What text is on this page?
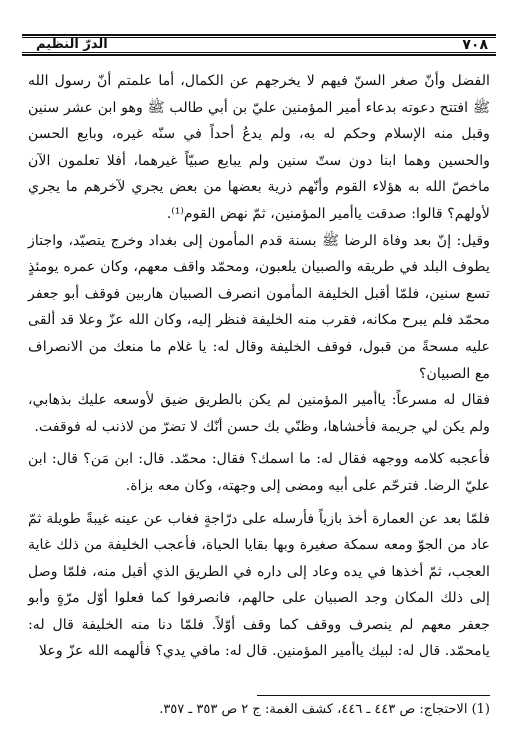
٧٠٨
الدرّ النظيم

الفضل وأنّ صغر السنّ فيهم لا يخرجهم عن الكمال، أما علمتم أنّ رسول الله ﷺ افتتح دعوته بدعاء أمير المؤمنين عليّ بن أبي طالب ﷺ وهو ابن عشر سنين وقبل منه الإسلام وحكم له به، ولم يدعُ أحداً في سنّه غيره، وبايع الحسن والحسين وهما ابنا دون ستّ سنين ولم يبايع صبيّاً غيرهما، أفلا تعلمون الآن ماخصّ الله به هؤلاء القوم وأنّهم ذرية بعضها من بعض يجري لآخرهم ما يجري لأولهم؟ قالوا: صدقت ياأمير المؤمنين، ثمّ نهض القوم⁽¹⁾.

وقيل: إنّ بعد وفاة الرضا ﷺ بسنة قدم المأمون إلى بغداد وخرج يتصيّد، واجتاز يطوف البلد في طريقه والصبيان يلعبون، ومحمّد واقف معهم، وكان عمره يومئذٍ تسع سنين، فلمّا أقبل الخليفة المأمون انصرف الصبيان هاربين فوقف أبو جعفر محمّد فلم يبرح مكانه، فقرب منه الخليفة فنظر إليه، وكان الله عزّ وعلا قد ألقى عليه مسحةً من قبول، فوقف الخليفة وقال له: يا غلام ما منعك من الانصراف مع الصبيان؟

فقال له مسرعاً: ياأمير المؤمنين لم يكن بالطريق ضيق لأوسعه عليك بذهابي، ولم يكن لي جريمة فأخشاها، وظنّي بك حسن أنّك لا تضرّ من لاذنب له فوقفت.

فأعجبه كلامه ووجهه فقال له: ما اسمك؟ فقال: محمّد. قال: ابن مَن؟ قال: ابن عليّ الرضا. فترحّم على أبيه ومضى إلى وجهته، وكان معه بزاة.

فلمّا بعد عن العمارة أخذ بازياً فأرسله على درّاجةٍ فغاب عن عينه غيبةً طويلة ثمّ عاد من الجوّ ومعه سمكة صغيرة وبها بقايا الحياة، فأعجب الخليفة من ذلك غاية العجب، ثمّ أخذها في يده وعاد إلى داره في الطريق الذي أقبل منه، فلمّا وصل إلى ذلك المكان وجد الصبيان على حالهم، فانصرفوا كما فعلوا أوّل مرّةٍ وأبو جعفر معهم لم ينصرف ووقف كما وقف أوّلاً. فلمّا دنا منه الخليفة قال له: يامحمّد. قال له: لبيك ياأمير المؤمنين. قال له: مافي يدي؟ فألهمه الله عزّ وعلا

(1) الاحتجاج: ص ٤٤٣ ـ ٤٤٦، كشف الغمة: ج ٢ ص ٣٥٣ ـ ٣٥٧.
